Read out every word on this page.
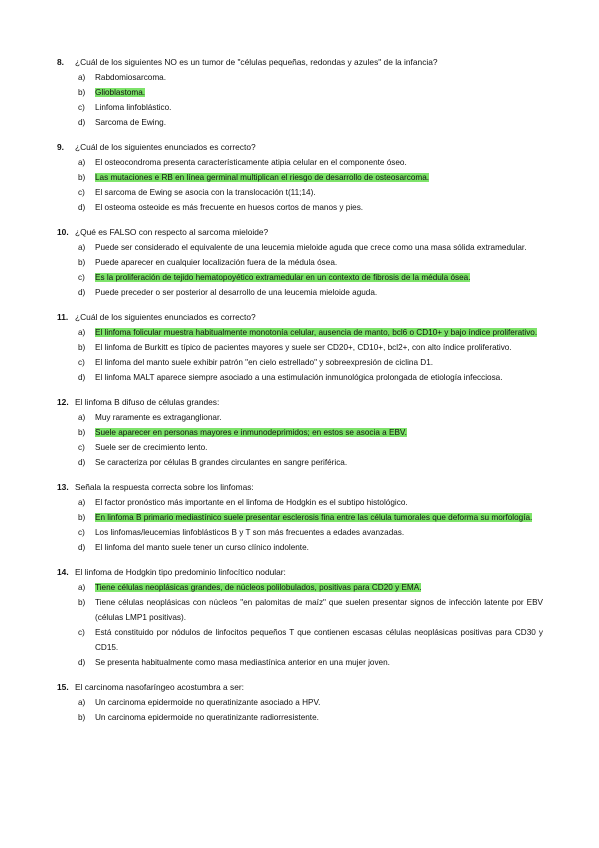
8. ¿Cuál de los siguientes NO es un tumor de "células pequeñas, redondas y azules" de la infancia?
a) Rabdomiosarcoma.
b) Glioblastoma.
c) Linfoma linfoblástico.
d) Sarcoma de Ewing.
9. ¿Cuál de los siguientes enunciados es correcto?
a) El osteocondroma presenta característicamente atipia celular en el componente óseo.
b) Las mutaciones e RB en línea germinal multiplican el riesgo de desarrollo de osteosarcoma.
c) El sarcoma de Ewing se asocia con la translocación t(11;14).
d) El osteoma osteoide es más frecuente en huesos cortos de manos y pies.
10. ¿Qué es FALSO con respecto al sarcoma mieloide?
a) Puede ser considerado el equivalente de una leucemia mieloide aguda que crece como una masa sólida extramedular.
b) Puede aparecer en cualquier localización fuera de la médula ósea.
c) Es la proliferación de tejido hematopoyético extramedular en un contexto de fibrosis de la médula ósea.
d) Puede preceder o ser posterior al desarrollo de una leucemia mieloide aguda.
11. ¿Cuál de los siguientes enunciados es correcto?
a) El linfoma folicular muestra habitualmente monotonía celular, ausencia de manto, bcl6 o CD10+ y bajo índice proliferativo.
b) El linfoma de Burkitt es típico de pacientes mayores y suele ser CD20+, CD10+, bcl2+, con alto índice proliferativo.
c) El linfoma del manto suele exhibir patrón "en cielo estrellado" y sobreexpresión de ciclina D1.
d) El linfoma MALT aparece siempre asociado a una estimulación inmunológica prolongada de etiología infecciosa.
12. El linfoma B difuso de células grandes:
a) Muy raramente es extraganglionar.
b) Suele aparecer en personas mayores e inmunodeprimidos; en estos se asocia a EBV.
c) Suele ser de crecimiento lento.
d) Se caracteriza por células B grandes circulantes en sangre periférica.
13. Señala la respuesta correcta sobre los linfomas:
a) El factor pronóstico más importante en el linfoma de Hodgkin es el subtipo histológico.
b) En linfoma B primario mediastínico suele presentar esclerosis fina entre las célula tumorales que deforma su morfología.
c) Los linfomas/leucemias linfoblásticos B y T son más frecuentes a edades avanzadas.
d) El linfoma del manto suele tener un curso clínico indolente.
14. El linfoma de Hodgkin tipo predominio linfocítico nodular:
a) Tiene células neoplásicas grandes, de núcleos polilobulados, positivas para CD20 y EMA.
b) Tiene células neoplásicas con núcleos "en palomitas de maíz" que suelen presentar signos de infección latente por EBV (células LMP1 positivas).
c) Está constituido por nódulos de linfocitos pequeños T que contienen escasas células neoplásicas positivas para CD30 y CD15.
d) Se presenta habitualmente como masa mediastínica anterior en una mujer joven.
15. El carcinoma nasofaríngeo acostumbra a ser:
a) Un carcinoma epidermoide no queratinizante asociado a HPV.
b) Un carcinoma epidermoide no queratinizante radiorresistente.
